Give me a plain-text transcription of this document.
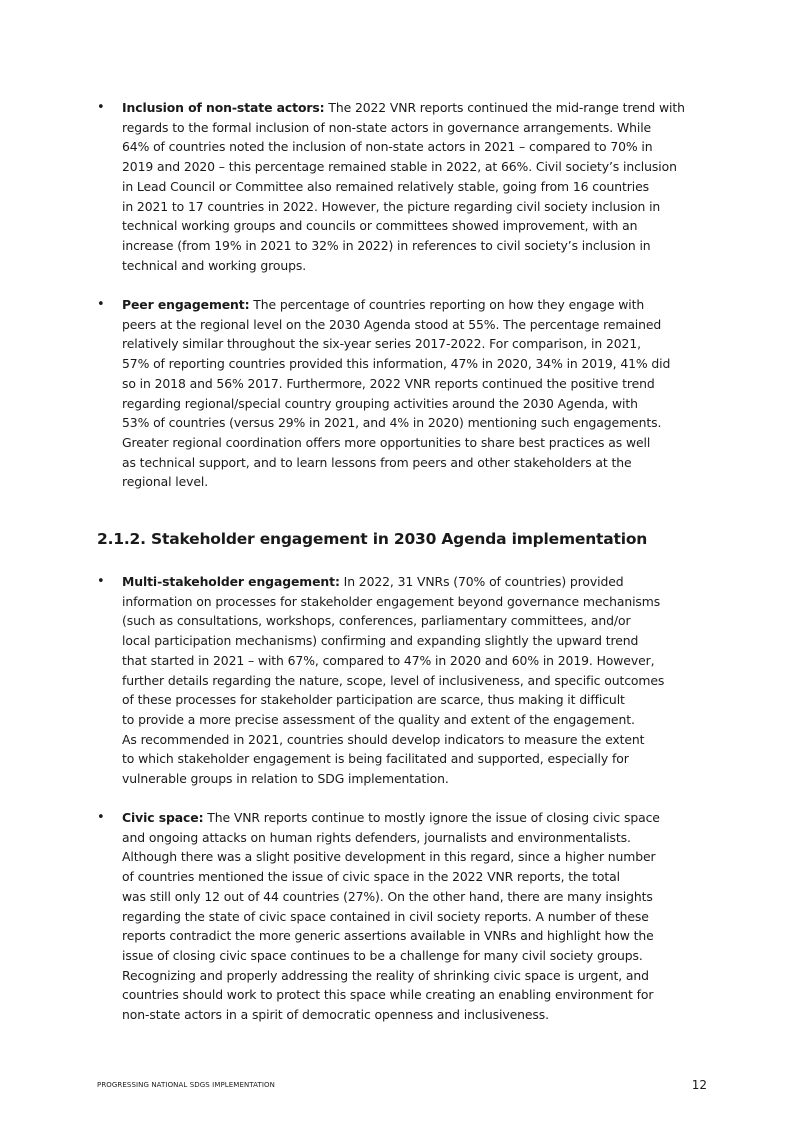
• Inclusion of non-state actors: The 2022 VNR reports continued the mid-range trend with
regards to the formal inclusion of non-state actors in governance arrangements. While
64% of countries noted the inclusion of non-state actors in 2021 – compared to 70% in
2019 and 2020 – this percentage remained stable in 2022, at 66%. Civil society’s inclusion
in Lead Council or Committee also remained relatively stable, going from 16 countries
in 2021 to 17 countries in 2022. However, the picture regarding civil society inclusion in
technical working groups and councils or committees showed improvement, with an
increase (from 19% in 2021 to 32% in 2022) in references to civil society’s inclusion in
technical and working groups.
• Peer engagement: The percentage of countries reporting on how they engage with
peers at the regional level on the 2030 Agenda stood at 55%. The percentage remained
relatively similar throughout the six-year series 2017-2022. For comparison, in 2021,
57% of reporting countries provided this information, 47% in 2020, 34% in 2019, 41% did
so in 2018 and 56% 2017. Furthermore, 2022 VNR reports continued the positive trend
regarding regional/special country grouping activities around the 2030 Agenda, with
53% of countries (versus 29% in 2021, and 4% in 2020) mentioning such engagements.
Greater regional coordination offers more opportunities to share best practices as well
as technical support, and to learn lessons from peers and other stakeholders at the
regional level.
2.1.2. Stakeholder engagement in 2030 Agenda implementation
• Multi-stakeholder engagement: In 2022, 31 VNRs (70% of countries) provided
information on processes for stakeholder engagement beyond governance mechanisms
(such as consultations, workshops, conferences, parliamentary committees, and/or
local participation mechanisms) confirming and expanding slightly the upward trend
that started in 2021 – with 67%, compared to 47% in 2020 and 60% in 2019. However,
further details regarding the nature, scope, level of inclusiveness, and specific outcomes
of these processes for stakeholder participation are scarce, thus making it difficult
to provide a more precise assessment of the quality and extent of the engagement.
As recommended in 2021, countries should develop indicators to measure the extent
to which stakeholder engagement is being facilitated and supported, especially for
vulnerable groups in relation to SDG implementation.
• Civic space: The VNR reports continue to mostly ignore the issue of closing civic space
and ongoing attacks on human rights defenders, journalists and environmentalists.
Although there was a slight positive development in this regard, since a higher number
of countries mentioned the issue of civic space in the 2022 VNR reports, the total
was still only 12 out of 44 countries (27%). On the other hand, there are many insights
regarding the state of civic space contained in civil society reports. A number of these
reports contradict the more generic assertions available in VNRs and highlight how the
issue of closing civic space continues to be a challenge for many civil society groups.
Recognizing and properly addressing the reality of shrinking civic space is urgent, and
countries should work to protect this space while creating an enabling environment for
non-state actors in a spirit of democratic openness and inclusiveness.
PROGRESSING NATIONAL SDGS IMPLEMENTATION	12
